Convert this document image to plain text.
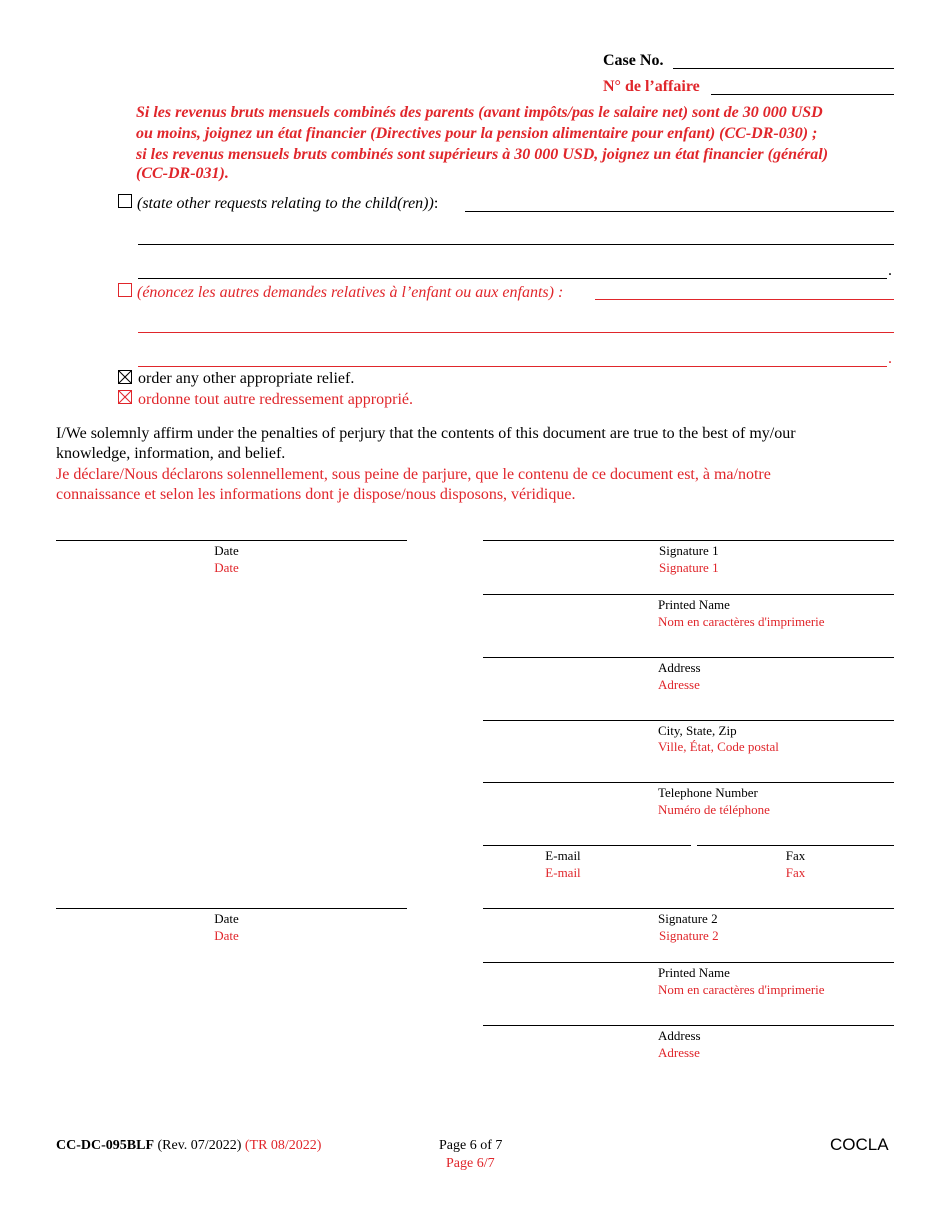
Case No.
N° de l’affaire
Si les revenus bruts mensuels combinés des parents (avant impôts/pas le salaire net) sont de 30 000 USD
ou moins, joignez un état financier (Directives pour la pension alimentaire pour enfant) (CC-DR-030) ;
si les revenus mensuels bruts combinés sont supérieurs à 30 000 USD, joignez un état financier (général)
(CC-DR-031).
(state other requests relating to the child(ren)):
.
(énoncez les autres demandes relatives à l’enfant ou aux enfants) :
.
order any other appropriate relief.
ordonne tout autre redressement approprié.
I/We solemnly affirm under the penalties of perjury that the contents of this document are true to the best of my/our
knowledge, information, and belief.
Je déclare/Nous déclarons solennellement, sous peine de parjure, que le contenu de ce document est, à ma/notre
connaissance et selon les informations dont je dispose/nous disposons, véridique.
Date
Date
Signature 1
Signature 1
Printed Name
Nom en caractères d'imprimerie
Address
Adresse
City, State, Zip
Ville, État, Code postal
Telephone Number
Numéro de téléphone
E-mail
E-mail
Fax
Fax
Date
Date
Signature 2
Signature 2
Printed Name
Nom en caractères d'imprimerie
Address
Adresse
CC-DC-095BLF (Rev. 07/2022) (TR 08/2022)	Page 6 of 7
Page 6/7
COCLA
